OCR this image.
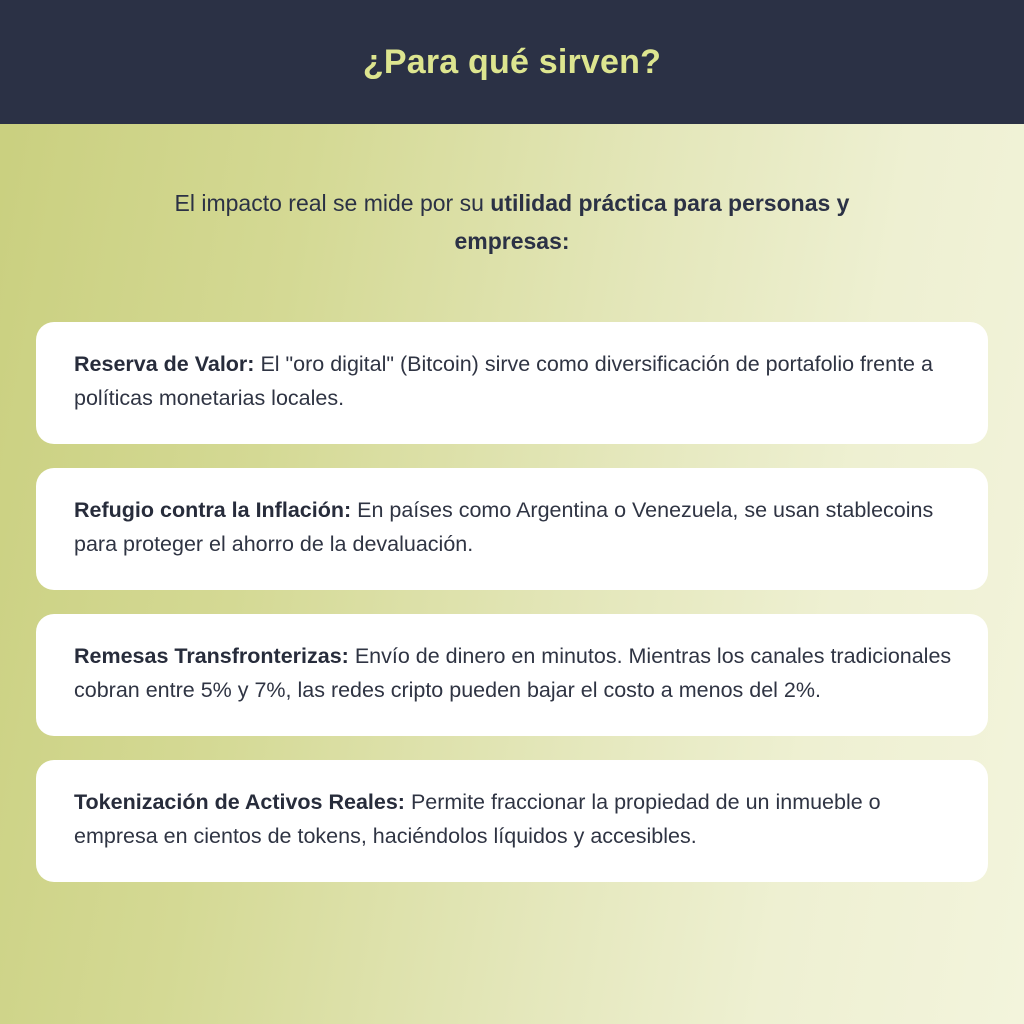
¿Para qué sirven?
El impacto real se mide por su utilidad práctica para personas y empresas:
Reserva de Valor: El "oro digital" (Bitcoin) sirve como diversificación de portafolio frente a políticas monetarias locales.
Refugio contra la Inflación: En países como Argentina o Venezuela, se usan stablecoins para proteger el ahorro de la devaluación.
Remesas Transfronterizas: Envío de dinero en minutos. Mientras los canales tradicionales cobran entre 5% y 7%, las redes cripto pueden bajar el costo a menos del 2%.
Tokenización de Activos Reales: Permite fraccionar la propiedad de un inmueble o empresa en cientos de tokens, haciéndolos líquidos y accesibles.
